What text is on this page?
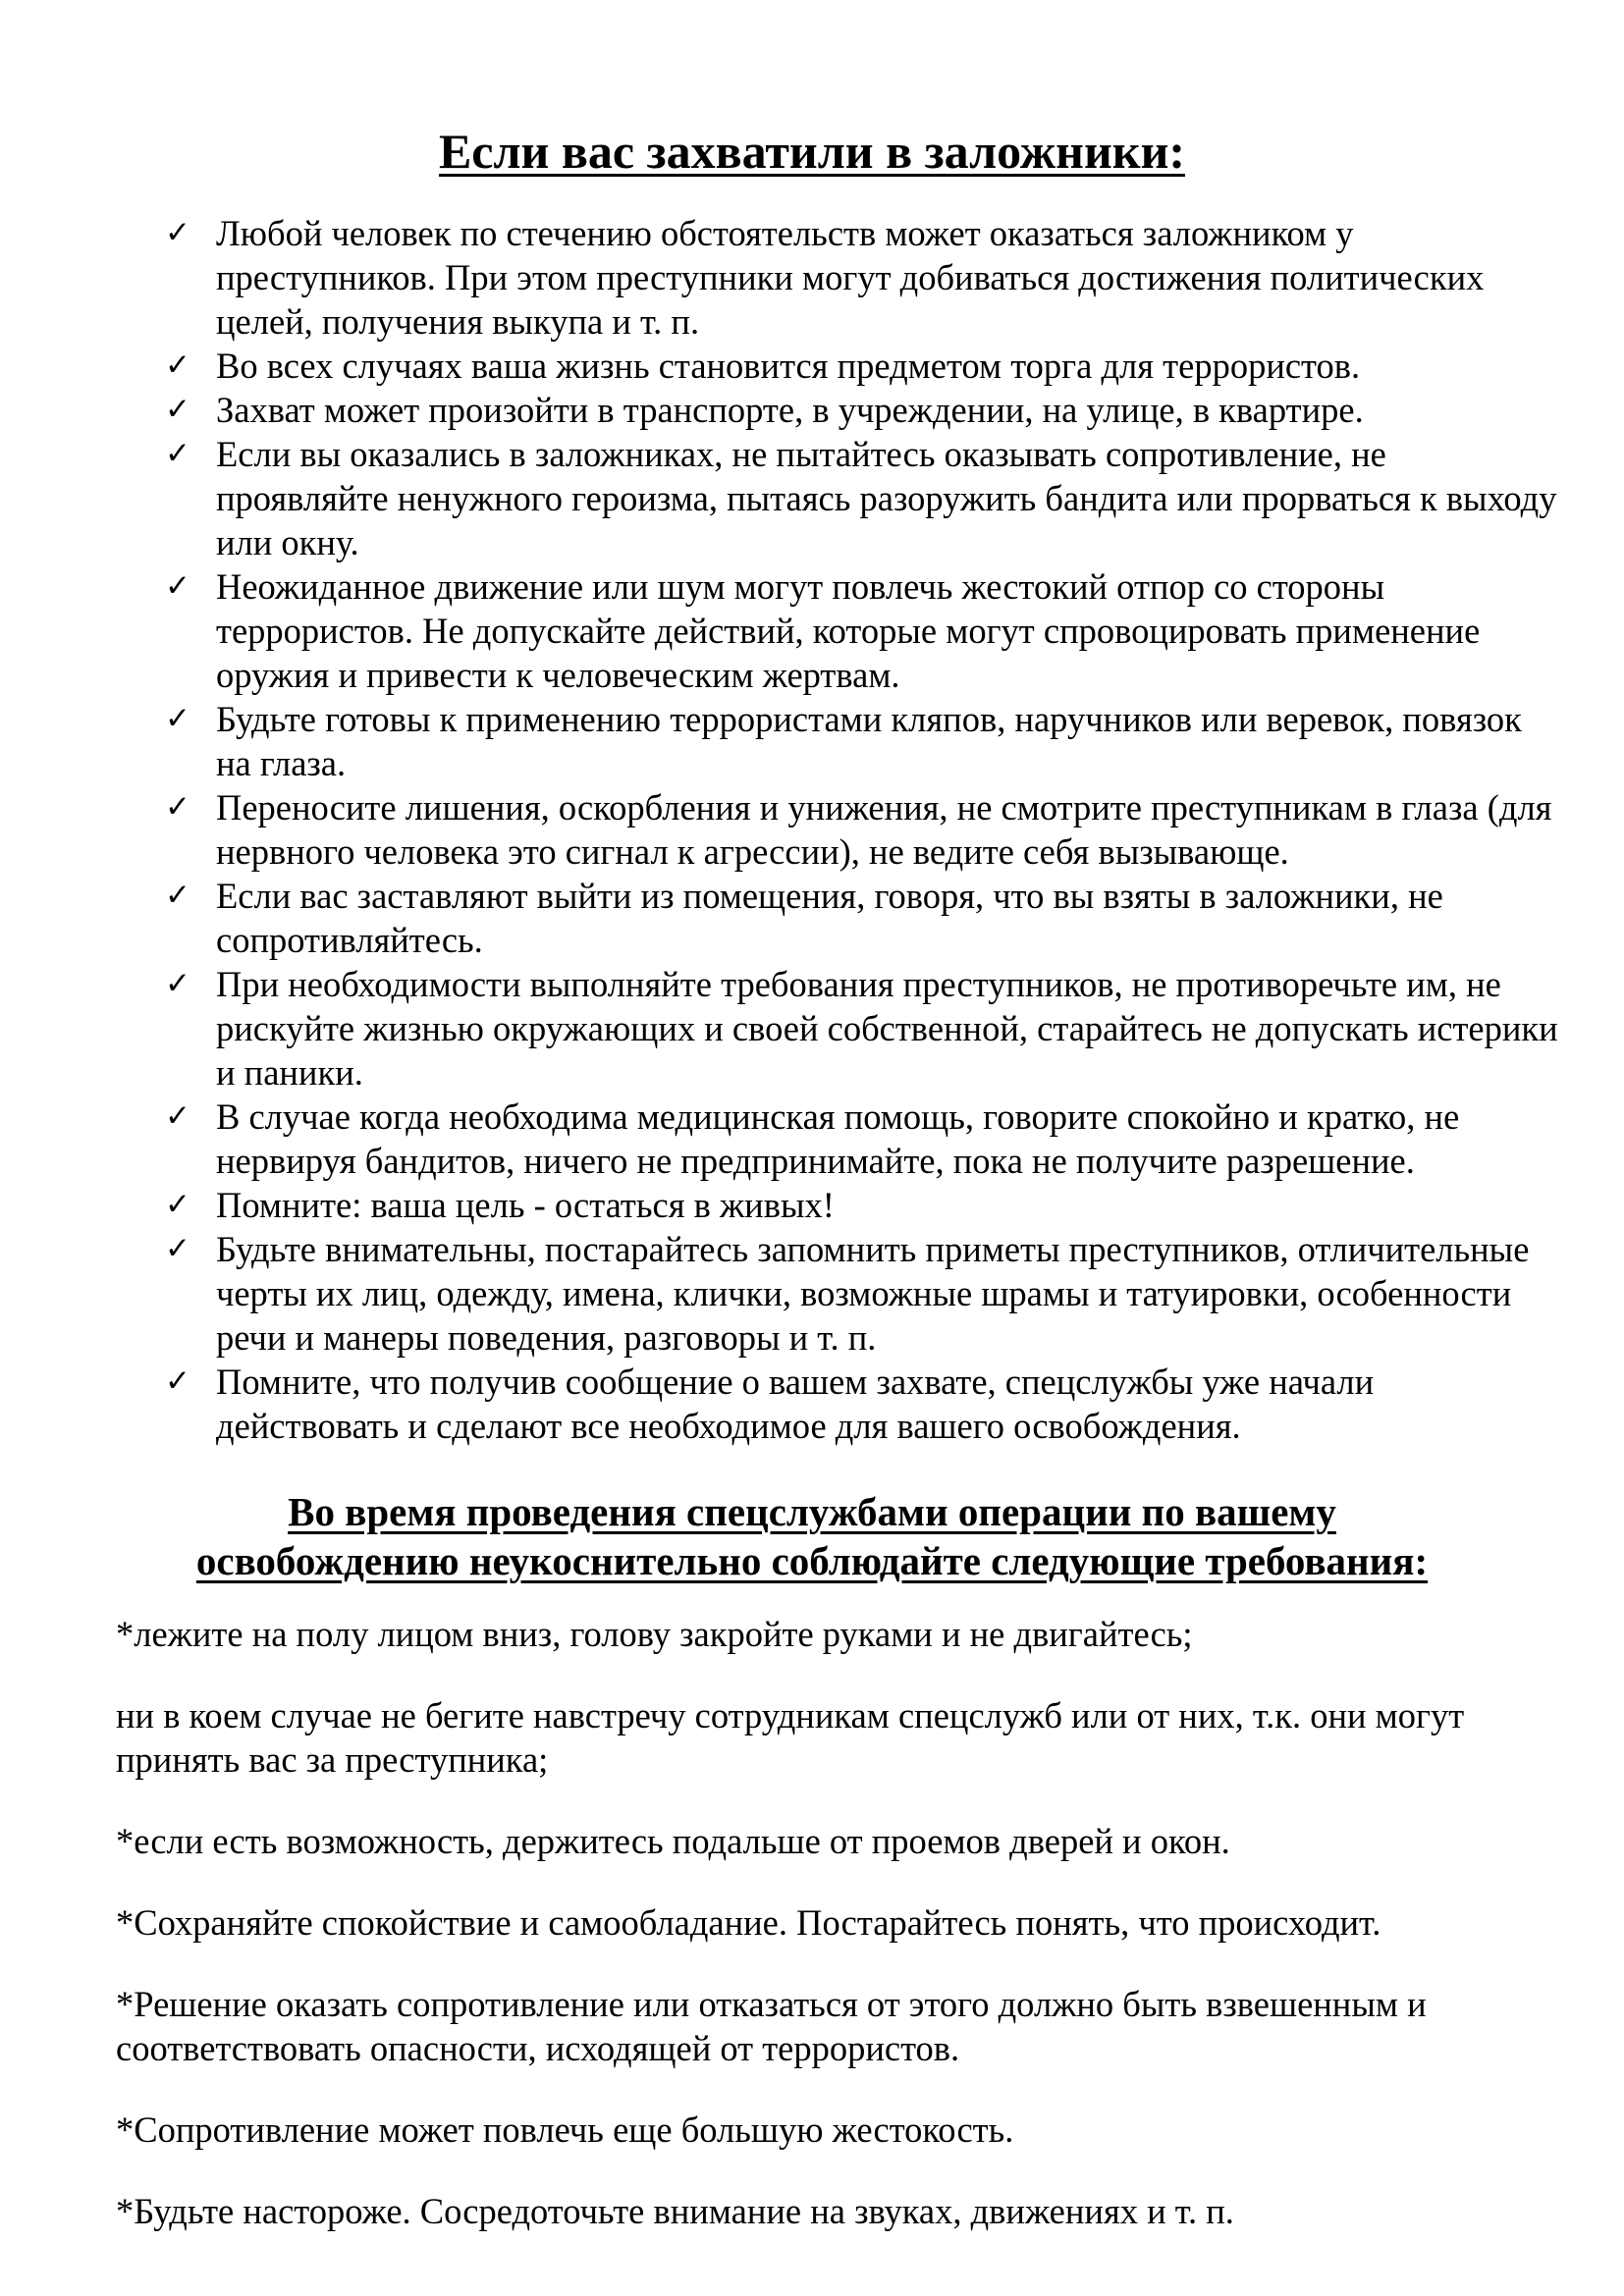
Если вас захватили в заложники:
✓ Любой человек по стечению обстоятельств может оказаться заложником у преступников. При этом преступники могут добиваться достижения политических целей, получения выкупа и т. п.
✓ Во всех случаях ваша жизнь становится предметом торга для террористов.
✓ Захват может произойти в транспорте, в учреждении, на улице, в квартире.
✓ Если вы оказались в заложниках, не пытайтесь оказывать сопротивление, не проявляйте ненужного героизма, пытаясь разоружить бандита или прорваться к выходу или окну.
✓ Неожиданное движение или шум могут повлечь жестокий отпор со стороны террористов. Не допускайте действий, которые могут спровоцировать применение оружия и привести к человеческим жертвам.
✓ Будьте готовы к применению террористами кляпов, наручников или веревок, повязок на глаза.
✓ Переносите лишения, оскорбления и унижения, не смотрите преступникам в глаза (для нервного человека это сигнал к агрессии), не ведите себя вызывающе.
✓ Если вас заставляют выйти из помещения, говоря, что вы взяты в заложники, не сопротивляйтесь.
✓ При необходимости выполняйте требования преступников, не противоречьте им, не рискуйте жизнью окружающих и своей собственной, старайтесь не допускать истерики и паники.
✓ В случае когда необходима медицинская помощь, говорите спокойно и кратко, не нервируя бандитов, ничего не предпринимайте, пока не получите разрешение.
✓ Помните: ваша цель - остаться в живых!
✓ Будьте внимательны, постарайтесь запомнить приметы преступников, отличительные черты их лиц, одежду, имена, клички, возможные шрамы и татуировки, особенности речи и манеры поведения, разговоры и т. п.
✓ Помните, что получив сообщение о вашем захвате, спецслужбы уже начали действовать и сделают все необходимое для вашего освобождения.
Во время проведения спецслужбами операции по вашему
освобождению неукоснительно соблюдайте следующие требования:

*лежите на полу лицом вниз, голову закройте руками и не двигайтесь;

ни в коем случае не бегите навстречу сотрудникам спецслужб или от них, т.к. они могут принять вас за преступника;

*если есть возможность, держитесь подальше от проемов дверей и окон.

*Сохраняйте спокойствие и самообладание. Постарайтесь понять, что происходит.

*Решение оказать сопротивление или отказаться от этого должно быть взвешенным и соответствовать опасности, исходящей от террористов.

*Сопротивление может повлечь еще большую жестокость.

*Будьте настороже. Сосредоточьте внимание на звуках, движениях и т. п.
